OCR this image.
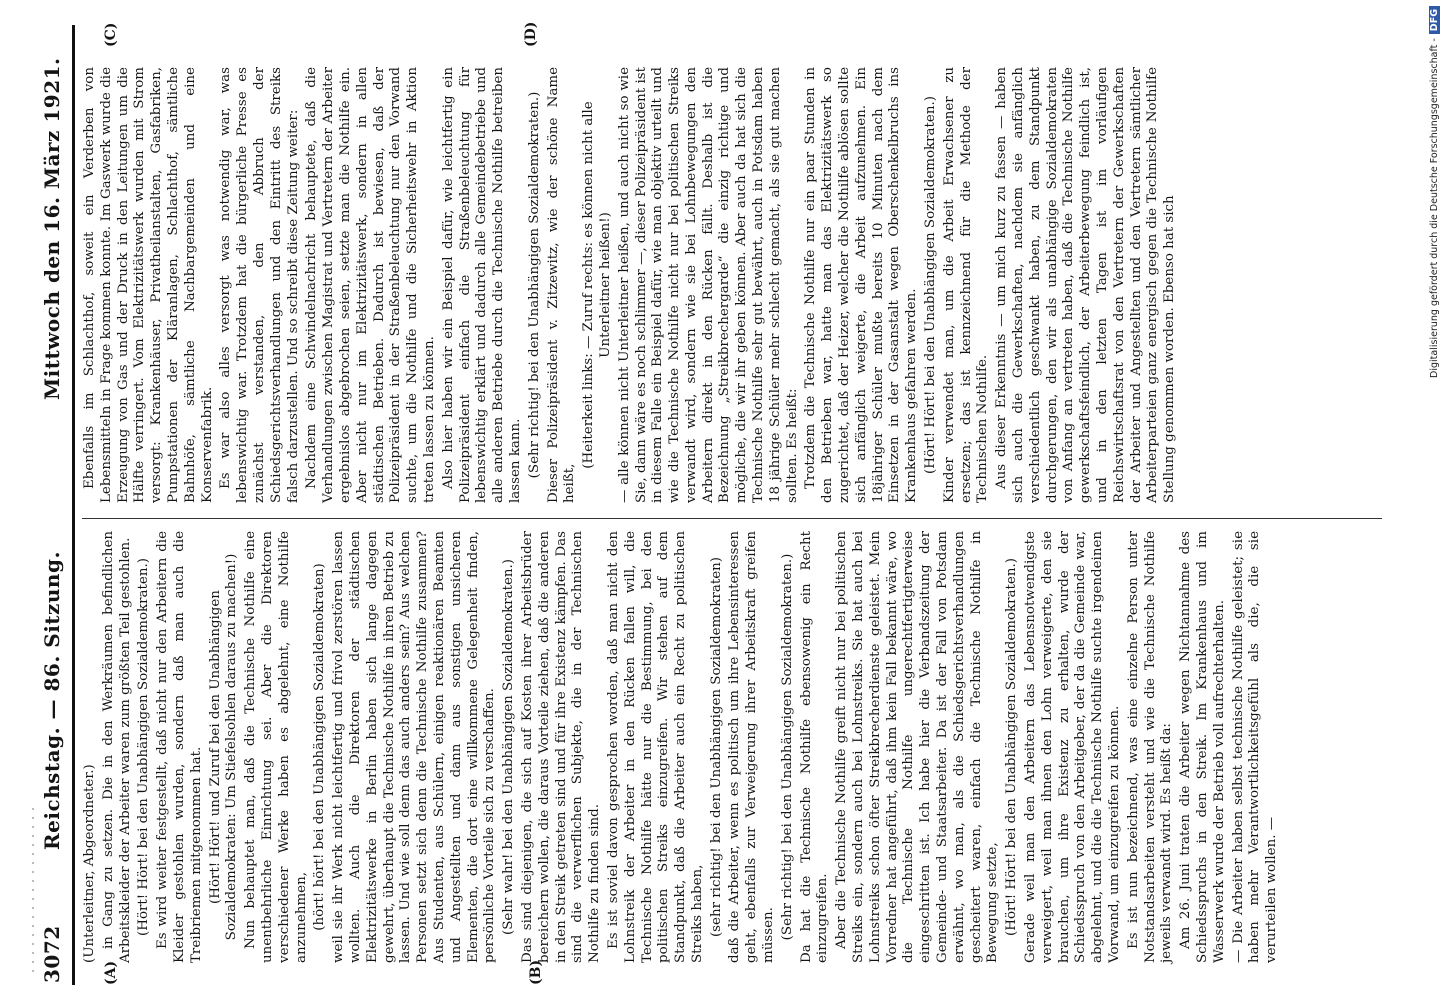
3072
Reichstag. — 86. Sitzung.
Mittwoch den 16. März 1921.
(A)	(B)
(C)	(D)

(Unterleitner, Abgeordneter.) in Gang zu setzen. Die in den Werkräumen befindlichen Arbeitskleider der Arbeiter waren zum größten Teil gestohlen. (Hört! Hört! bei den Unabhängigen Sozialdemokraten.) Es wird weiter festgestellt, daß nicht nur den Arbeitern die Kleider gestohlen wurden, sondern daß man auch die Treibriemen mitgenommen hat. (Hört! Hört! und Zuruf bei den Unabhängigen Sozialdemokraten: Um Stiefelsohlen daraus zu machen!) Nun behauptet man, daß die Technische Nothilfe eine unentbehrliche Einrichtung sei. Aber die Direktoren verschiedener Werke haben es abgelehnt, eine Nothilfe anzunehmen, (hört! hört! bei den Unabhängigen Sozialdemokraten) weil sie ihr Werk nicht leichtfertig und frivol zerstören lassen wollten. Auch die Direktoren der städtischen Elektrizitätswerke in Berlin haben sich lange dagegen gewehrt, überhaupt die Technische Nothilfe in ihren Betrieb zu lassen. Und wie soll denn das auch anders sein? Aus welchen Personen setzt sich denn die Technische Nothilfe zusammen? Aus Studenten, aus Schülern, einigen reaktionären Beamten und Angestellten und dann aus sonstigen unsicheren Elementen, die dort eine willkommene Gelegenheit finden, persönliche Vorteile sich zu verschaffen. (Sehr wahr! bei den Unabhängigen Sozialdemokraten.) Das sind diejenigen, die sich auf Kosten ihrer Arbeitsbrüder bereichern wollen, die daraus Vorteile ziehen, daß die anderen in den Streik getreten sind und für ihre Existenz kämpfen. Das sind die verwerflichen Subjekte, die in der Technischen Nothilfe zu finden sind. Es ist soviel davon gesprochen worden, daß man nicht den Lohnstreik der Arbeiter in den Rücken fallen will, die Technische Nothilfe hätte nur die Bestimmung, bei den politischen Streiks einzugreifen. Wir stehen auf dem Standpunkt, daß die Arbeiter auch ein Recht zu politischen Streiks haben, (sehr richtig! bei den Unabhängigen Sozialdemokraten) daß die Arbeiter, wenn es politisch um ihre Lebensinteressen geht, ebenfalls zur Verweigerung ihrer Arbeitskraft greifen müssen. (Sehr richtig! bei den Unabhängigen Sozialdemokraten.) Da hat die Technische Nothilfe ebensowenig ein Recht einzugreifen. Aber die Technische Nothilfe greift nicht nur bei politischen Streiks ein, sondern auch bei Lohnstreiks. Sie hat auch bei Lohnstreiks schon öfter Streikbrecherdienste geleistet. Mein Vorredner hat angeführt, daß ihm kein Fall bekannt wäre, wo die Technische Nothilfe ungerechtfertigterweise eingeschritten ist. Ich habe hier die Verbandszeitung der Gemeinde- und Staatsarbeiter. Da ist der Fall von Potsdam erwähnt, wo man, als die Schiedsgerichtsverhandlungen gescheitert waren, einfach die Technische Nothilfe in Bewegung setzte, (Hört! Hört! bei den Unabhängigen Sozialdemokraten.) Gerade weil man den Arbeitern das Lebensnotwendigste verweigert, weil man ihnen den Lohn verweigerte, den sie brauchen, um ihre Existenz zu erhalten, wurde der Schiedsspruch von den Arbeitgeber, der da die Gemeinde war, abgelehnt, und die die Technische Nothilfe suchte irgendeinen Vorwand, um einzugreifen zu können. Es ist nun bezeichnend, was eine einzelne Person unter Notstandsarbeiten versteht und wie die Technische Nothilfe jeweils verwandt wird. Es heißt da: Am 26. Juni traten die Arbeiter wegen Nichtannahme des Schiedsspruchs in den Streik. Im Krankenhaus und im Wasserwerk wurde der Betrieb voll aufrechterhalten. — Die Arbeiter haben selbst technische Nothilfe geleistet; sie haben mehr Verantwortlichkeitsgefühl als die, die sie verurteilen wollen. —

Ebenfalls im Schlachthof, soweit ein Verderben von Lebensmitteln in Frage kommen konnte. Im Gaswerk wurde die Erzeugung von Gas und der Druck in den Leitungen um die Hälfte verringert. Vom Elektrizitätswerk wurden mit Strom versorgt: Krankenhäuser, Privatheilanstalten, Gasfabriken, Pumpstationen der Kläranlagen, Schlachthof, sämtliche Bahnhöfe, sämtliche Nachbargemeinden und eine Konservenfabrik. Es war also alles versorgt was notwendig war, was lebenswichtig war. Trotzdem hat die bürgerliche Presse es zunächst verstanden, den Abbruch der Schiedsgerichtsverhandlungen und den Eintritt des Streiks falsch darzustellen. Und so schreibt diese Zeitung weiter: Nachdem eine Schwindelnachricht behauptete, daß die Verhandlungen zwischen Magistrat und Vertretern der Arbeiter ergebnislos abgebrochen seien, setzte man die Nothilfe ein. Aber nicht nur im Elektrizitätswerk, sondern in allen städtischen Betrieben. Dadurch ist bewiesen, daß der Polizeipräsident in der Straßenbeleuchtung nur den Vorwand suchte, um die Nothilfe und die Sicherheitswehr in Aktion treten lassen zu können. Also hier haben wir ein Beispiel dafür, wie leichtfertig ein Polizeipräsident einfach die Straßenbeleuchtung für lebenswichtig erklärt und dadurch alle Gemeindebetriebe und alle anderen Betriebe durch die Technische Nothilfe betreiben lassen kann. (Sehr richtig! bei den Unabhängigen Sozialdemokraten.) Dieser Polizeipräsident v. Zitzewitz, wie der schöne Name heißt,

(Heiterkeit links: — Zuruf rechts: es können nicht alle Unterleitner heißen!) — alle können nicht Unterleitner heißen, und auch nicht so wie Sie, dann wäre es noch schlimmer —, dieser Polizeipräsident ist in diesem Falle ein Beispiel dafür, wie man objektiv urteilt und wie die Technische Nothilfe nicht nur bei politischen Streiks verwandt wird, sondern wie sie bei Lohnbewegungen den Arbeitern direkt in den Rücken fällt. Deshalb ist die Bezeichnung „Streikbrechergarde“ die einzig richtige und mögliche, die wir ihr geben können. Aber auch da hat sich die Technische Nothilfe sehr gut bewährt, auch in Potsdam haben 18 jährige Schüler mehr schlecht gemacht, als sie gut machen sollten. Es heißt: Trotzdem die Technische Nothilfe nur ein paar Stunden in den Betrieben war, hatte man das Elektrizitätswerk so zugerichtet, daß der Heizer, welcher die Nothilfe ablösen sollte sich anfänglich weigerte, die Arbeit aufzunehmen. Ein 18jähriger Schüler mußte bereits 10 Minuten nach dem Einsetzen in der Gasanstalt wegen Oberschenkelbruchs ins Krankenhaus gefahren werden. (Hört! Hört! bei den Unabhängigen Sozialdemokraten.) Kinder verwendet man, um die Arbeit Erwachsener zu ersetzen; das ist kennzeichnend für die Methode der Technischen Nothilfe. Aus dieser Erkenntnis — um mich kurz zu fassen — haben sich auch die Gewerkschaften, nachdem sie anfänglich verschiedentlich geschwankt haben, zu dem Standpunkt durchgerungen, den wir als unabhängige Sozialdemokraten von Anfang an vertreten haben, daß die Technische Nothilfe gewerkschaftsfeindlich, der Arbeiterbewegung feindlich ist, und in den letzten Tagen ist im vorläufigen Reichswirtschaftsrat von den Vertretern der Gewerkschaften der Arbeiter und Angestellten und den Vertretern sämtlicher Arbeiterparteien ganz energisch gegen die Technische Nothilfe Stellung genommen worden. Ebenso hat sich	Digitalisierung gefördert durch die Deutsche Forschungsgemeinschaft -DFG
